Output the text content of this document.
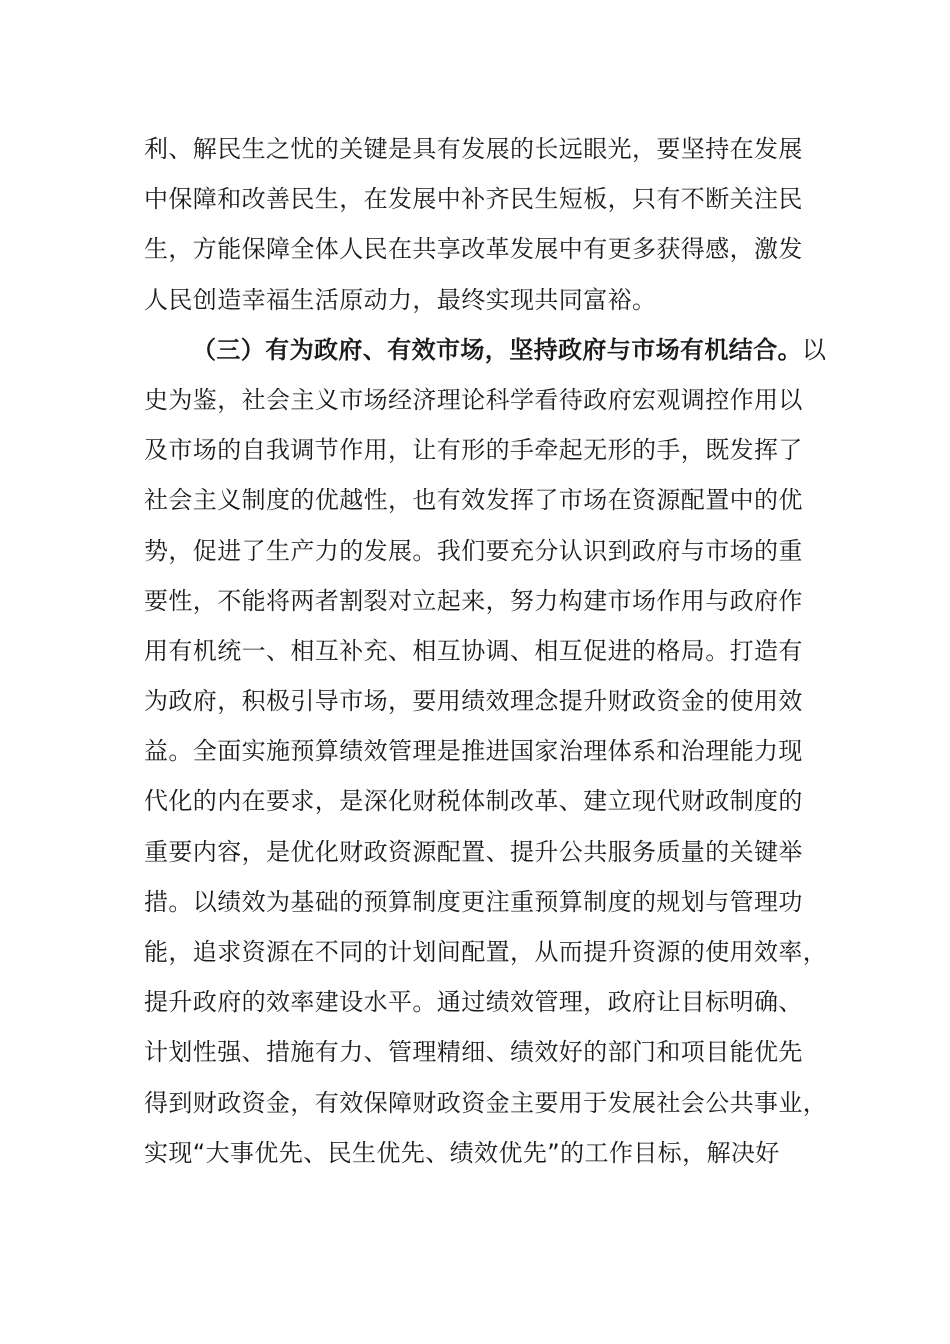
利、解民生之忧的关键是具有发展的长远眼光，要坚持在发展
中保障和改善民生，在发展中补齐民生短板，只有不断关注民
生，方能保障全体人民在共享改革发展中有更多获得感，激发
人民创造幸福生活原动力，最终实现共同富裕。
（三）有为政府、有效市场，坚持政府与市场有机结合。以
史为鉴，社会主义市场经济理论科学看待政府宏观调控作用以
及市场的自我调节作用，让有形的手牵起无形的手，既发挥了
社会主义制度的优越性，也有效发挥了市场在资源配置中的优
势，促进了生产力的发展。我们要充分认识到政府与市场的重
要性，不能将两者割裂对立起来，努力构建市场作用与政府作
用有机统一、相互补充、相互协调、相互促进的格局。打造有
为政府，积极引导市场，要用绩效理念提升财政资金的使用效
益。全面实施预算绩效管理是推进国家治理体系和治理能力现
代化的内在要求，是深化财税体制改革、建立现代财政制度的
重要内容，是优化财政资源配置、提升公共服务质量的关键举
措。以绩效为基础的预算制度更注重预算制度的规划与管理功
能，追求资源在不同的计划间配置，从而提升资源的使用效率，
提升政府的效率建设水平。通过绩效管理，政府让目标明确、
计划性强、措施有力、管理精细、绩效好的部门和项目能优先
得到财政资金，有效保障财政资金主要用于发展社会公共事业，
实现“大事优先、民生优先、绩效优先”的工作目标，解决好
